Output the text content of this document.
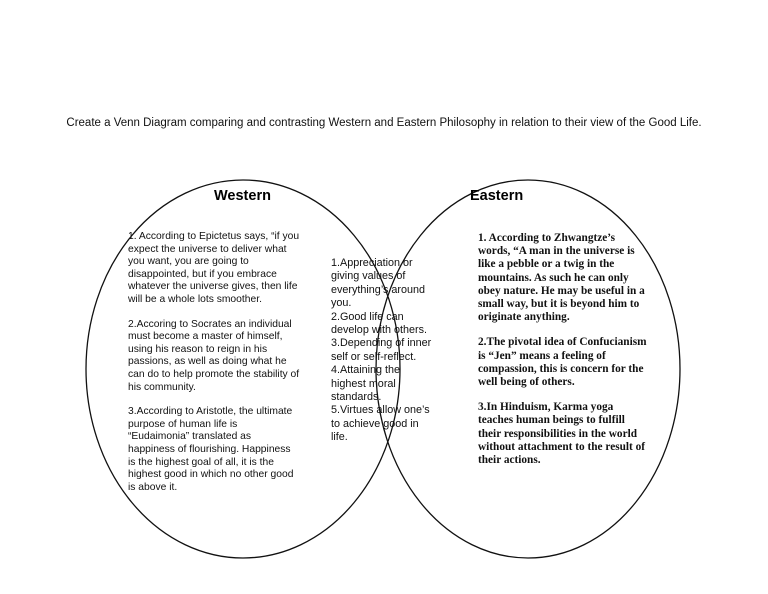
Create a Venn Diagram comparing and contrasting Western and Eastern Philosophy in relation to their view of the Good Life.
Western	Eastern

1. According to Epictetus says, “if you expect the universe to deliver what you want, you are going to disappointed, but if you embrace whatever the universe gives, then life will be a whole lots smoother.

2.Accoring to Socrates an individual must become a master of himself, using his reason to reign in his passions, as well as doing what he can do to help promote the stability of his community.

3.According to Aristotle, the ultimate purpose of human life is “Eudaimonia” translated as happiness of flourishing. Happiness is the highest goal of all, it is the highest good in which no other good is above it.

1.Appreciation or giving values of everything’s around you.

2.Good life can develop with others.

3.Depending of inner self or self-reflect.

4.Attaining the highest moral standards.

5.Virtues allow one’s to achieve good in life.

1. According to Zhwangtze’s words, “A man in the universe is like a pebble or a twig in the mountains. As such he can only obey nature. He may be useful in a small way, but it is beyond him to originate anything.

2.The pivotal idea of Confucianism is “Jen” means a feeling of compassion, this is concern for the well being of others.

3.In Hinduism, Karma yoga teaches human beings to fulfill their responsibilities in the world without attachment to the result of their actions.
